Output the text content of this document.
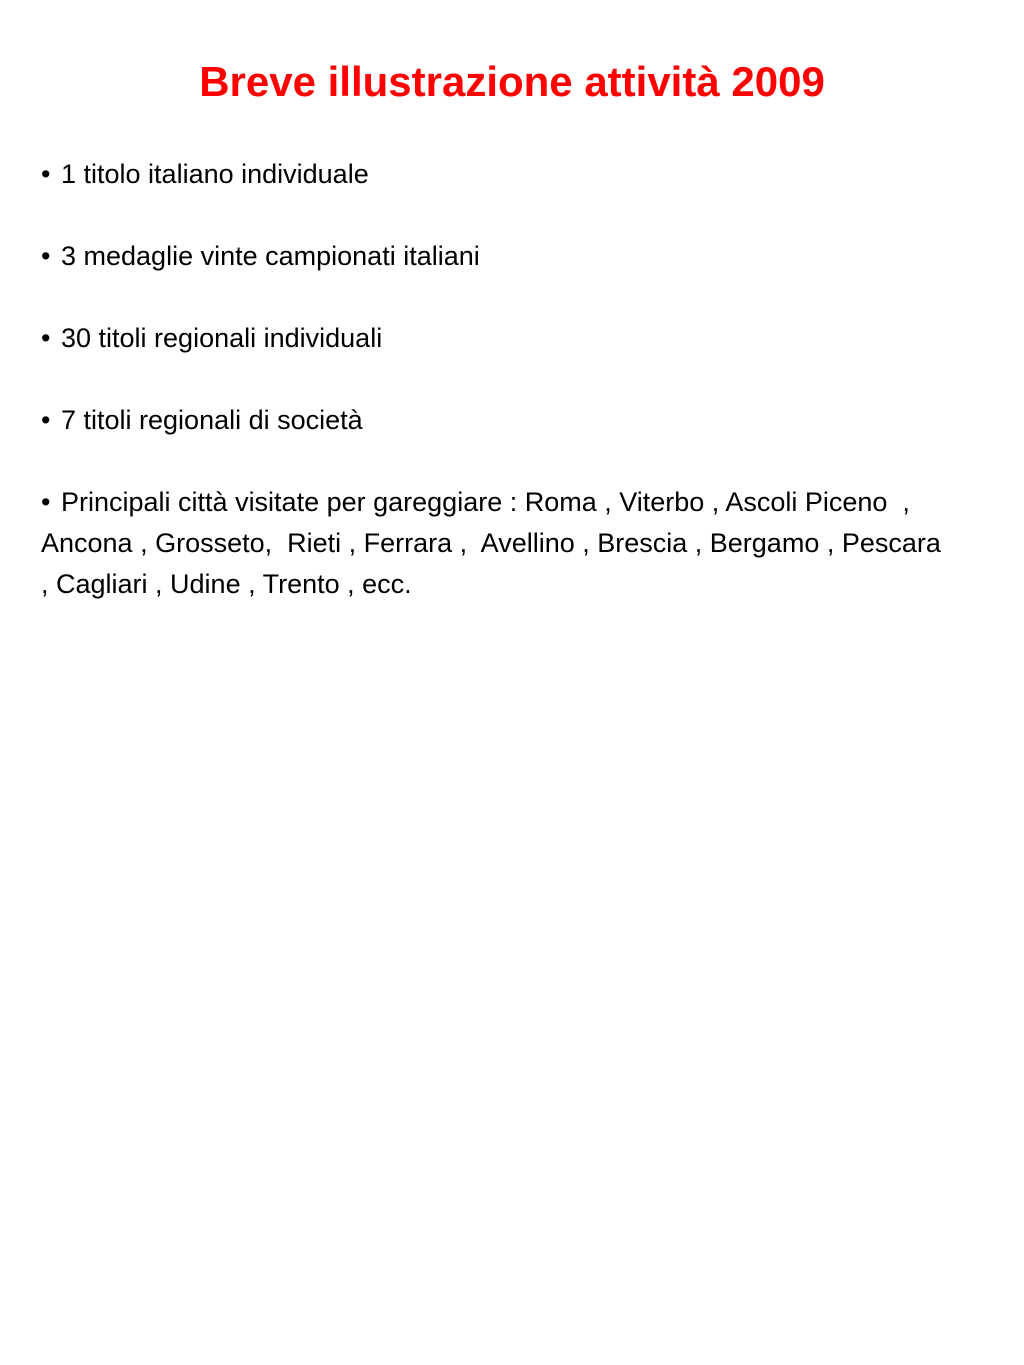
Breve illustrazione attività 2009
• 1 titolo italiano individuale
• 3 medaglie vinte campionati italiani
• 30 titoli regionali individuali
• 7 titoli regionali di società
• Principali città visitate per gareggiare : Roma , Viterbo , Ascoli Piceno  , Ancona , Grosseto,  Rieti , Ferrara ,  Avellino , Brescia , Bergamo , Pescara , Cagliari , Udine , Trento , ecc.
